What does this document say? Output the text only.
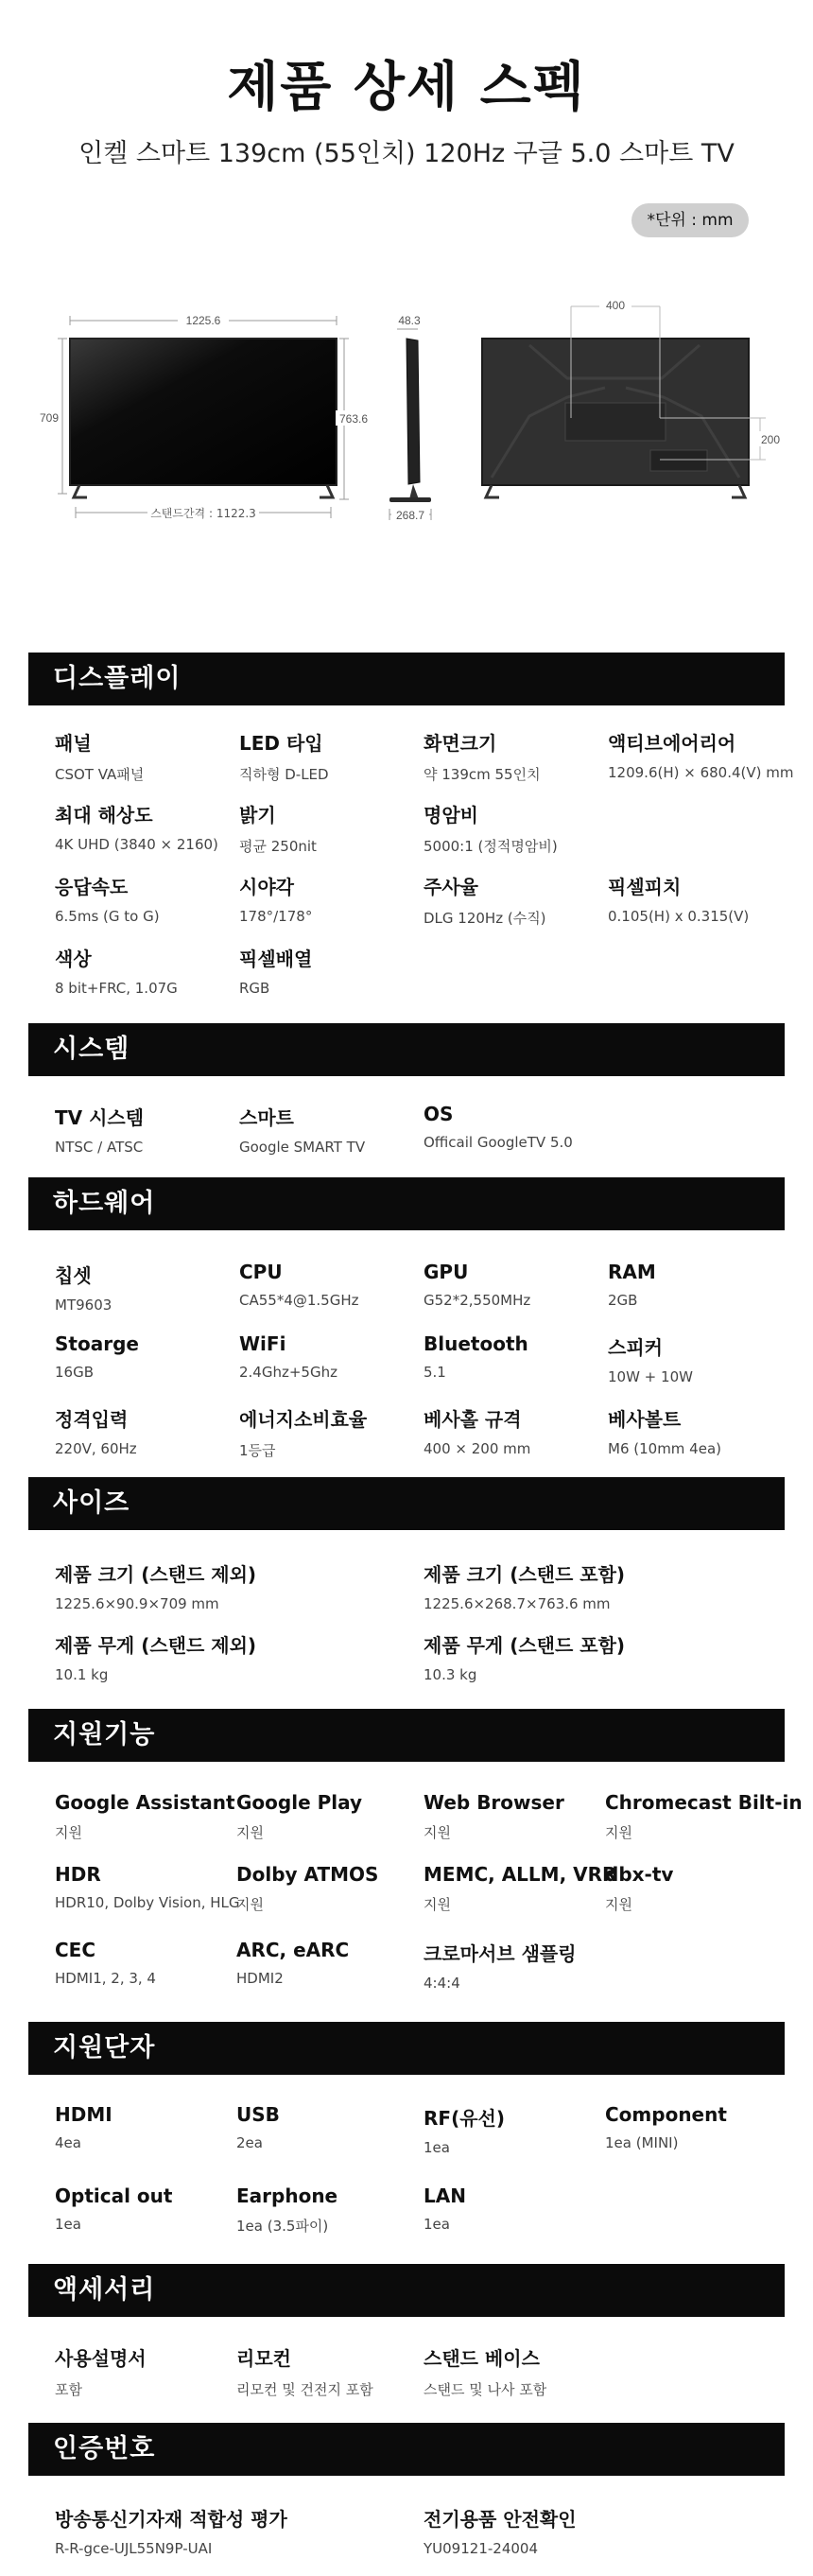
제품 상세 스펙
인켈 스마트 139cm (55인치) 120Hz 구글 5.0 스마트 TV
*단위 : mm
1225.6
709	763.6
스탠드간격 : 1122.3
48.3
268.7
400
200
디스플레이
패널
CSOT VA패널
LED 타입
직하형 D-LED
화면크기
약 139cm 55인치
액티브에어리어
1209.6(H) × 680.4(V) mm
최대 해상도
4K UHD (3840 × 2160)
밝기
평균 250nit
명암비
5000:1 (정적명암비)
응답속도
6.5ms (G to G)
시야각
178°/178°
주사율
DLG 120Hz (수직)
픽셀피치
0.105(H) x 0.315(V)
색상
8 bit+FRC, 1.07G
픽셀배열
RGB
시스템
TV 시스템
NTSC / ATSC
스마트
Google SMART TV
OS
Officail GoogleTV 5.0
하드웨어
칩셋
MT9603
CPU
CA55*4@1.5GHz
GPU
G52*2,550MHz
RAM
2GB
Stoarge
16GB
WiFi
2.4Ghz+5Ghz
Bluetooth
5.1
스피커
10W + 10W
정격입력
220V, 60Hz
에너지소비효율
1등급
베사홀 규격
400 × 200 mm
베사볼트
M6 (10mm 4ea)
사이즈
제품 크기 (스탠드 제외)
1225.6×90.9×709 mm
제품 크기 (스탠드 포함)
1225.6×268.7×763.6 mm
제품 무게 (스탠드 제외)
10.1 kg
제품 무게 (스탠드 포함)
10.3 kg
지원기능
Google Assistant
지원
Google Play
지원
Web Browser
지원
Chromecast Bilt-in
지원
HDR
HDR10, Dolby Vision, HLG
Dolby ATMOS
지원
MEMC, ALLM, VRR
지원
dbx-tv
지원
CEC
HDMI1, 2, 3, 4
ARC, eARC
HDMI2
크로마서브 샘플링
4:4:4
지원단자
HDMI
4ea
USB
2ea
RF(유선)
1ea
Component
1ea (MINI)
Optical out
1ea
Earphone
1ea (3.5파이)
LAN
1ea
액세서리
사용설명서
포함
리모컨
리모컨 및 건전지 포함
스탠드 베이스
스탠드 및 나사 포함
인증번호
방송통신기자재 적합성 평가
R-R-gce-UJL55N9P-UAI
전기용품 안전확인
YU09121-24004
